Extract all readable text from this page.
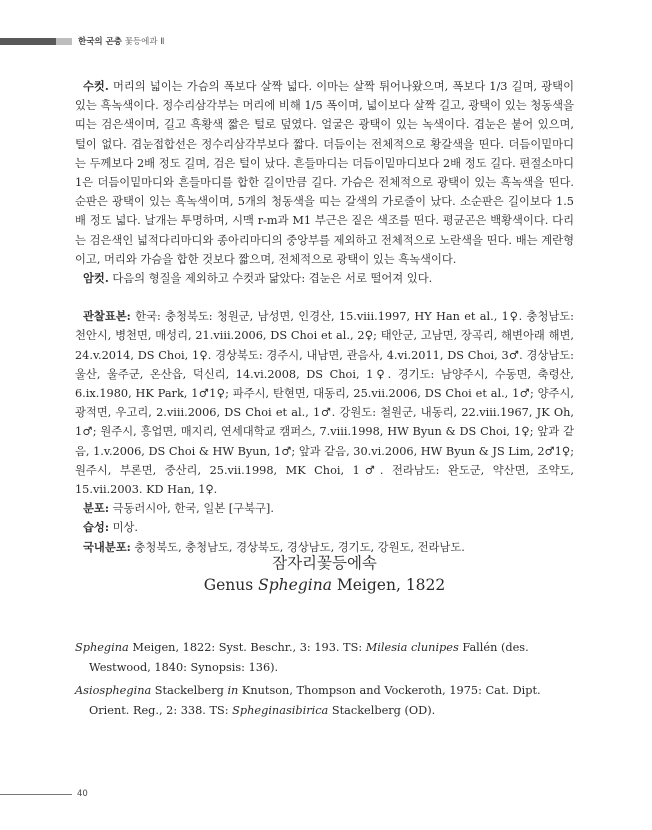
한국의 곤충 꽃등에과 Ⅱ

수컷. 머리의 넓이는 가슴의 폭보다 살짝 넓다. 이마는 살짝 튀어나왔으며, 폭보다 1/3 길며, 광택이 있는 흑녹색이다. 정수리삼각부는 머리에 비해 1/5 폭이며, 넓이보다 살짝 길고, 광택이 있는 청동색을 띠는 검은색이며, 길고 흑황색 짧은 털로 덮였다. 얼굴은 광택이 있는 녹색이다. 겹눈은 붙어 있으며, 털이 없다. 겹눈접합선은 정수리삼각부보다 짧다. 더듬이는 전체적으로 황갈색을 띤다. 더듬이밑마디는 두께보다 2배 정도 길며, 검은 털이 났다. 흔들마디는 더듬이밑마디보다 2배 정도 길다. 편절소마디 1은 더듬이밑마디와 흔들마디를 합한 길이만큼 길다. 가슴은 전체적으로 광택이 있는 흑녹색을 띤다. 순판은 광택이 있는 흑녹색이며, 5개의 청동색을 띠는 갈색의 가로줄이 났다. 소순판은 길이보다 1.5배 정도 넓다. 날개는 투명하며, 시맥 r-m과 M1 부근은 짙은 색조를 띤다. 평균곤은 백황색이다. 다리는 검은색인 넓적다리마디와 종아리마디의 중앙부를 제외하고 전체적으로 노란색을 띤다. 배는 계란형이고, 머리와 가슴을 합한 것보다 짧으며, 전체적으로 광택이 있는 흑녹색이다.

암컷. 다음의 형질을 제외하고 수컷과 닮았다: 겹눈은 서로 떨어져 있다.

관찰표본: 한국: 충청북도: 청원군, 남성면, 인경산, 15.viii.1997, HY Han et al., 1♀. 충청남도: 천안시, 병천면, 매성리, 21.viii.2006, DS Choi et al., 2♀; 태안군, 고남면, 장곡리, 해변아래 해변, 24.v.2014, DS Choi, 1♀. 경상북도: 경주시, 내남면, 관음사, 4.vi.2011, DS Choi, 3♂. 경상남도: 울산, 울주군, 온산읍, 덕신리, 14.vi.2008, DS Choi, 1♀. 경기도: 남양주시, 수동면, 축령산, 6.ix.1980, HK Park, 1♂1♀; 파주시, 탄현면, 대동리, 25.vii.2006, DS Choi et al., 1♂; 양주시, 광적면, 우고리, 2.viii.2006, DS Choi et al., 1♂. 강원도: 철원군, 내동리, 22.viii.1967, JK Oh, 1♂; 원주시, 흥업면, 매지리, 연세대학교 캠퍼스, 7.viii.1998, HW Byun & DS Choi, 1♀; 앞과 같음, 1.v.2006, DS Choi & HW Byun, 1♂; 앞과 같음, 30.vi.2006, HW Byun & JS Lim, 2♂1♀; 원주시, 부론면, 중산리, 25.vii.1998, MK Choi, 1♂. 전라남도: 완도군, 약산면, 조약도, 15.vii.2003. KD Han, 1♀.

분포: 극동러시아, 한국, 일본 [구북구].

습성: 미상.

국내분포: 충청북도, 충청남도, 경상북도, 경상남도, 경기도, 강원도, 전라남도.

잠자리꽃등에속
Genus Sphegina Meigen, 1822

Sphegina Meigen, 1822: Syst. Beschr., 3: 193. TS: Milesia clunipes Fallén (des. Westwood, 1840: Synopsis: 136).

Asiosphegina Stackelberg in Knutson, Thompson and Vockeroth, 1975: Cat. Dipt. Orient. Reg., 2: 338. TS: Spheginasibirica Stackelberg (OD).

40
